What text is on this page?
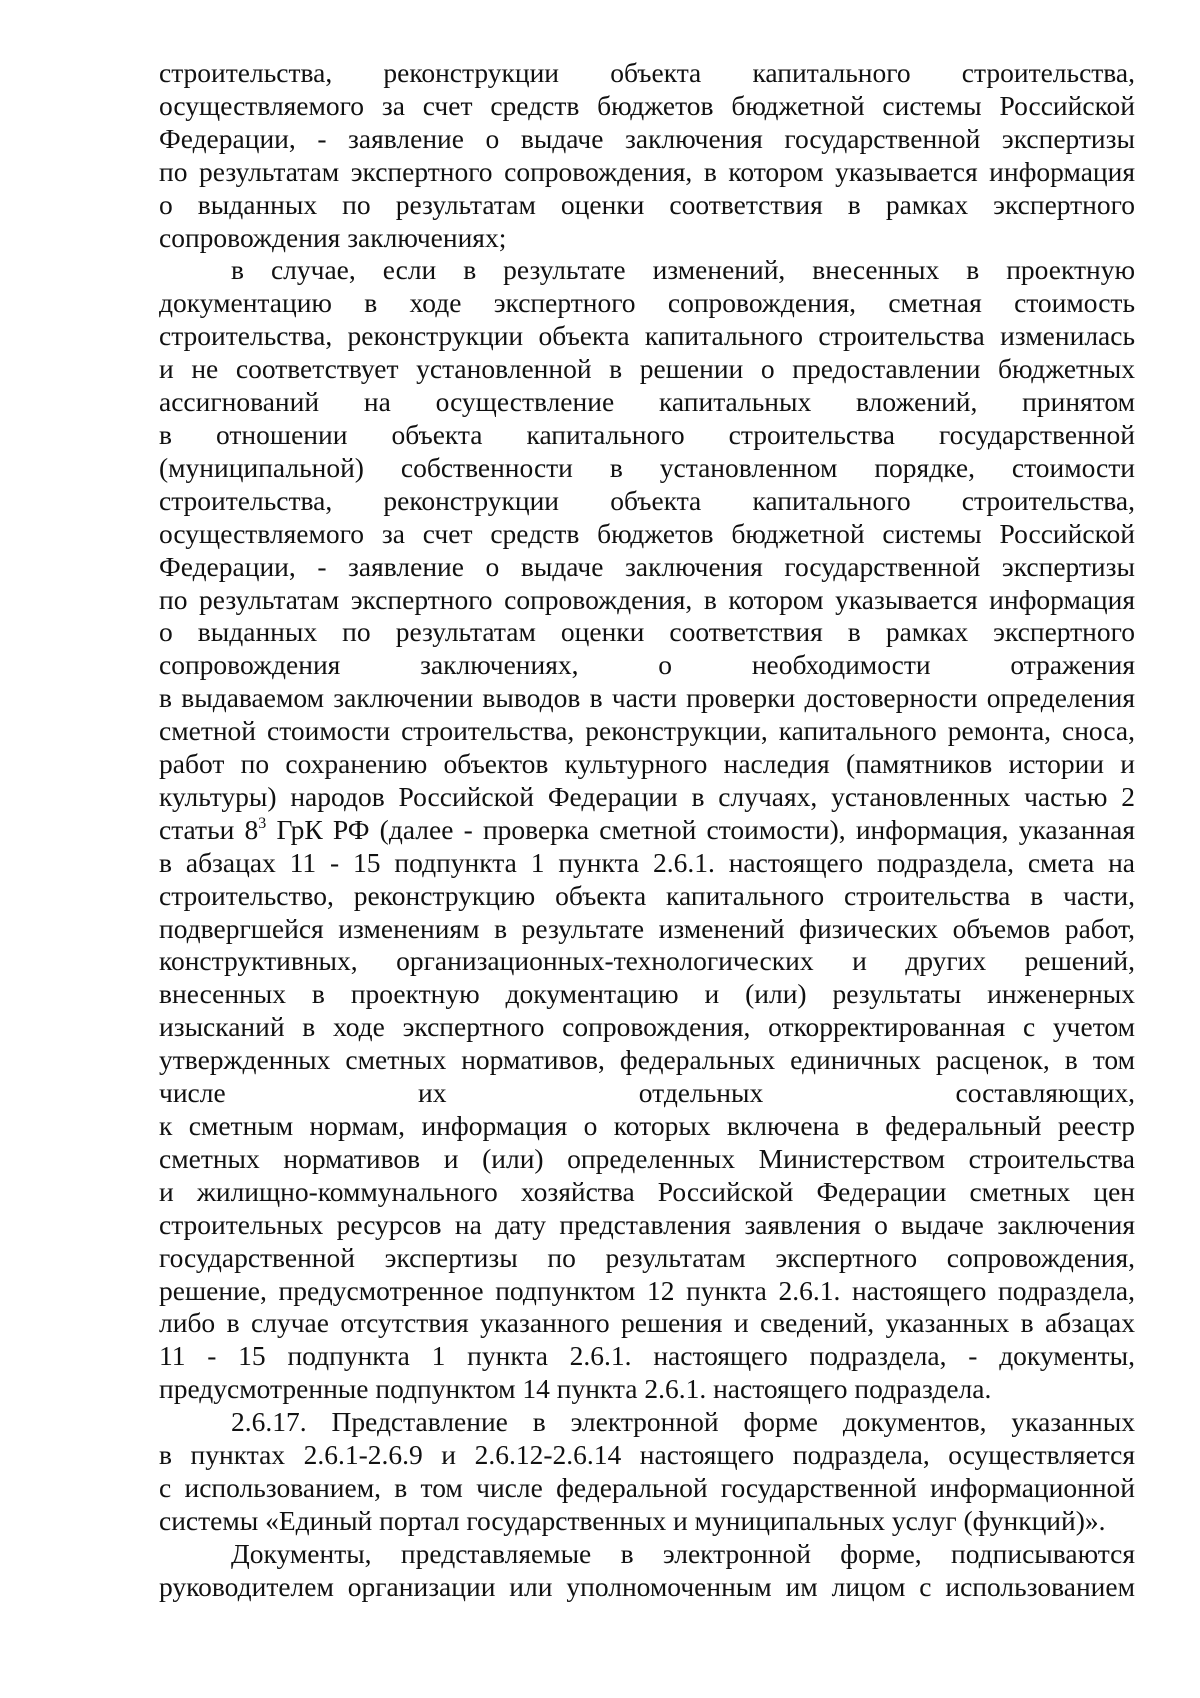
строительства, реконструкции объекта капитального строительства,
осуществляемого за счет средств бюджетов бюджетной системы Российской
Федерации, - заявление о выдаче заключения государственной экспертизы
по результатам экспертного сопровождения, в котором указывается информация
о выданных по результатам оценки соответствия в рамках экспертного
сопровождения заключениях;

в случае, если в результате изменений, внесенных в проектную
документацию в ходе экспертного сопровождения, сметная стоимость
строительства, реконструкции объекта капитального строительства изменилась
и не соответствует установленной в решении о предоставлении бюджетных
ассигнований на осуществление капитальных вложений, принятом
в отношении объекта капитального строительства государственной
(муниципальной) собственности в установленном порядке, стоимости
строительства, реконструкции объекта капитального строительства,
осуществляемого за счет средств бюджетов бюджетной системы Российской
Федерации, - заявление о выдаче заключения государственной экспертизы
по результатам экспертного сопровождения, в котором указывается информация
о выданных по результатам оценки соответствия в рамках экспертного
сопровождения заключениях, о необходимости отражения
в выдаваемом заключении выводов в части проверки достоверности определения
сметной стоимости строительства, реконструкции, капитального ремонта, сноса,
работ по сохранению объектов культурного наследия (памятников истории и
культуры) народов Российской Федерации в случаях, установленных частью 2
статьи $8^3$ ГрК РФ (далее - проверка сметной стоимости), информация, указанная
в абзацах 11 - 15 подпункта 1 пункта 2.6.1. настоящего подраздела, смета на
строительство, реконструкцию объекта капитального строительства в части,
подвергшейся изменениям в результате изменений физических объемов работ,
конструктивных, организационных-технологических и других решений,
внесенных в проектную документацию и (или) результаты инженерных
изысканий в ходе экспертного сопровождения, откорректированная с учетом
утвержденных сметных нормативов, федеральных единичных расценок, в том
числе их отдельных составляющих,
к сметным нормам, информация о которых включена в федеральный реестр
сметных нормативов и (или) определенных Министерством строительства
и жилищно-коммунального хозяйства Российской Федерации сметных цен
строительных ресурсов на дату представления заявления о выдаче заключения
государственной экспертизы по результатам экспертного сопровождения,
решение, предусмотренное подпунктом 12 пункта 2.6.1. настоящего подраздела,
либо в случае отсутствия указанного решения и сведений, указанных в абзацах
11 - 15 подпункта 1 пункта 2.6.1. настоящего подраздела, - документы,
предусмотренные подпунктом 14 пункта 2.6.1. настоящего подраздела.

2.6.17. Представление в электронной форме документов, указанных
в пунктах 2.6.1-2.6.9 и 2.6.12-2.6.14 настоящего подраздела, осуществляется
с использованием, в том числе федеральной государственной информационной
системы «Единый портал государственных и муниципальных услуг (функций)».

Документы, представляемые в электронной форме, подписываются
руководителем организации или уполномоченным им лицом с использованием
